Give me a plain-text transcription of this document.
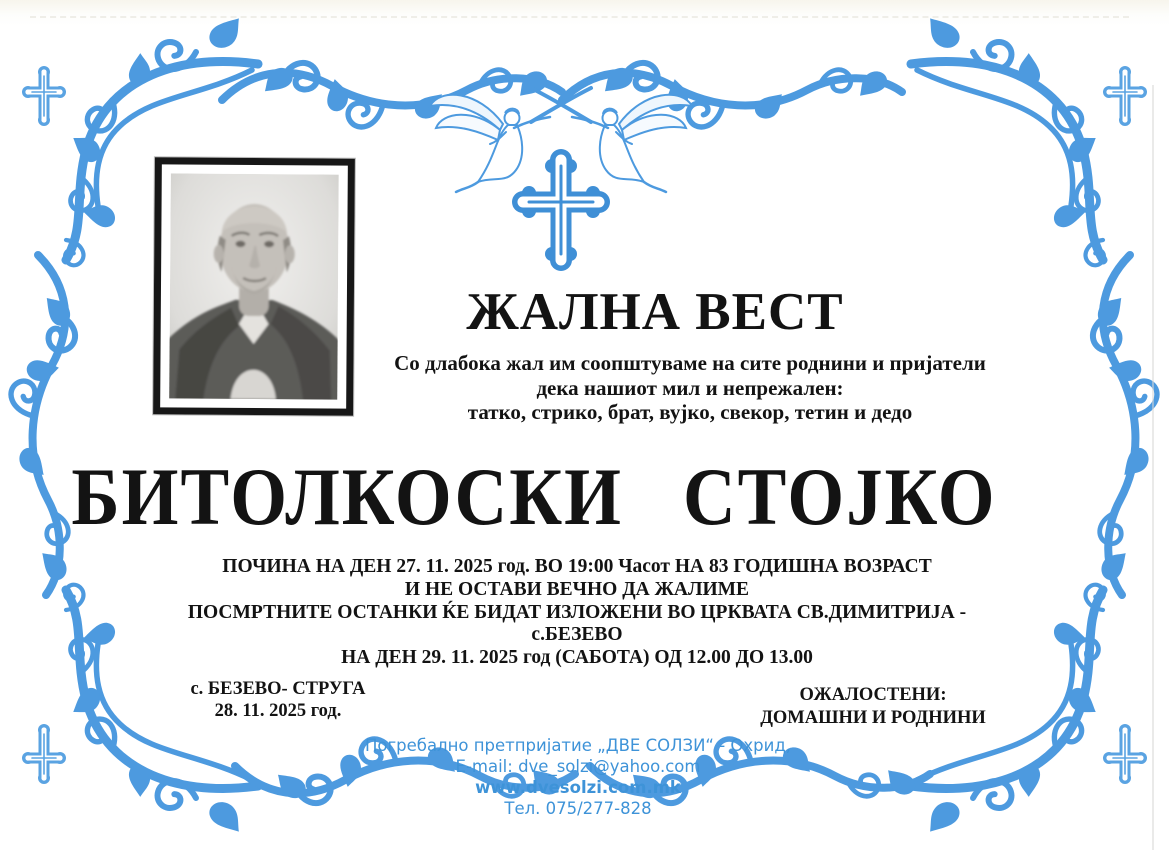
ЖАЛНА ВЕСТ
Со длабока жал им соопштуваме на сите роднини и пријатели
дека нашиот мил и непрежален:
татко, стрико, брат, вујко, свекор, тетин и дедо
БИТОЛКОСКИ СТОЈКО
ПОЧИНА НА ДЕН 27. 11. 2025 год. ВО 19:00 Часот НА 83 ГОДИШНА ВОЗРАСТ
И НЕ ОСТАВИ ВЕЧНО ДА ЖАЛИМЕ
ПОСМРТНИТЕ ОСТАНКИ ЌЕ БИДАТ ИЗЛОЖЕНИ ВО ЦРКВАТА СВ.ДИМИТРИЈА - с.БЕЗЕВО
НА ДЕН 29. 11. 2025 год (САБОТА) ОД 12.00 ДО 13.00
с. БЕЗЕВО- СТРУГА
28. 11. 2025 год.
ОЖАЛОСТЕНИ:
ДОМАШНИ И РОДНИНИ
Погребално претпријатие „ДВЕ СОЛЗИ“ - Охрид,
E-mail: dve_solzi@yahoo.com
www.dvesolzi.com.mk
Тел. 075/277-828
